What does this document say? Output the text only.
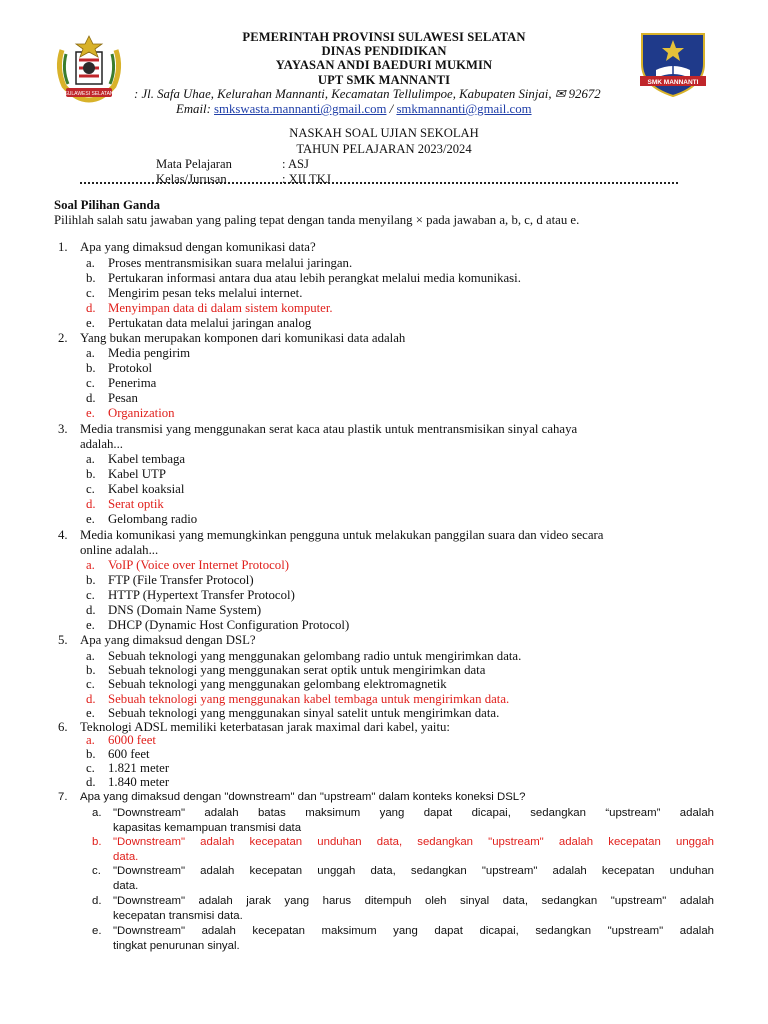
SULAWESI SELATAN
PEMERINTAH PROVINSI SULAWESI SELATAN
DINAS PENDIDIKAN
YAYASAN ANDI BAEDURI MUKMIN
UPT SMK MANNANTI	SMK MANNANTI
: Jl. Safa Uhae, Kelurahan Mannanti, Kecamatan Tellulimpoe, Kabupaten Sinjai, ✉ 92672
Email: smkswasta.mannanti@gmail.com / smkmannanti@gmail.com
NASKAH SOAL UJIAN SEKOLAH
TAHUN PELAJARAN 2023/2024
Mata Pelajaran	: ASJ
Kelas/Jurusan	: XII TKJ
Soal Pilihan Ganda
Pilihlah salah satu jawaban yang paling tepat dengan tanda menyilang × pada jawaban a, b, c, d atau e.
1. Apa yang dimaksud dengan komunikasi data?
a. Proses mentransmisikan suara melalui jaringan.
b. Pertukaran informasi antara dua atau lebih perangkat melalui media komunikasi.
c. Mengirim pesan teks melalui internet.
d. Menyimpan data di dalam sistem komputer.
e. Pertukatan data melalui jaringan analog
2. Yang bukan merupakan komponen dari komunikasi data adalah
a. Media pengirim
b. Protokol
c. Penerima
d. Pesan
e. Organization
3. Media transmisi yang menggunakan serat kaca atau plastik untuk mentransmisikan sinyal cahaya
adalah...
a. Kabel tembaga
b. Kabel UTP
c. Kabel koaksial
d. Serat optik
e. Gelombang radio
4. Media komunikasi yang memungkinkan pengguna untuk melakukan panggilan suara dan video secara
online adalah...
a. VoIP (Voice over Internet Protocol)
b. FTP (File Transfer Protocol)
c. HTTP (Hypertext Transfer Protocol)
d. DNS (Domain Name System)
e. DHCP (Dynamic Host Configuration Protocol)
5. Apa yang dimaksud dengan DSL?
a. Sebuah teknologi yang menggunakan gelombang radio untuk mengirimkan data.
b. Sebuah teknologi yang menggunakan serat optik untuk mengirimkan data
c. Sebuah teknologi yang menggunakan gelombang elektromagnetik
d. Sebuah teknologi yang menggunakan kabel tembaga untuk mengirimkan data.
e. Sebuah teknologi yang menggunakan sinyal satelit untuk mengirimkan data.
6. Teknologi ADSL memiliki keterbatasan jarak maximal dari kabel, yaitu:
a. 6000 feet
b. 600 feet
c. 1.821 meter
d. 1.840 meter
7. Apa yang dimaksud dengan "downstream" dan "upstream" dalam konteks koneksi DSL?
a. "Downstream" adalah batas maksimum yang dapat dicapai, sedangkan “upstream” adalah
kapasitas kemampuan transmisi data
b. "Downstream" adalah kecepatan unduhan data, sedangkan "upstream" adalah kecepatan unggah
data.
c. "Downstream" adalah kecepatan unggah data, sedangkan "upstream" adalah kecepatan unduhan
data.
d. "Downstream" adalah jarak yang harus ditempuh oleh sinyal data, sedangkan "upstream" adalah
kecepatan transmisi data.
e. "Downstream" adalah kecepatan maksimum yang dapat dicapai, sedangkan "upstream" adalah
tingkat penurunan sinyal.
